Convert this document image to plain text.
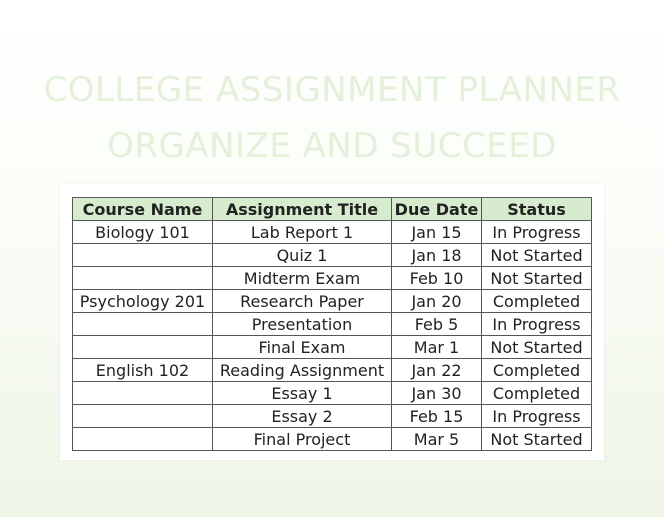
COLLEGE ASSIGNMENT PLANNER
ORGANIZE AND SUCCEED
Course Name	Assignment Title	Due Date	Status
Biology 101	Lab Report 1	Jan 15	In Progress
	Quiz 1	Jan 18	Not Started
	Midterm Exam	Feb 10	Not Started
Psychology 201	Research Paper	Jan 20	Completed
	Presentation	Feb 5	In Progress
	Final Exam	Mar 1	Not Started
English 102	Reading Assignment	Jan 22	Completed
	Essay 1	Jan 30	Completed
	Essay 2	Feb 15	In Progress
	Final Project	Mar 5	Not Started
